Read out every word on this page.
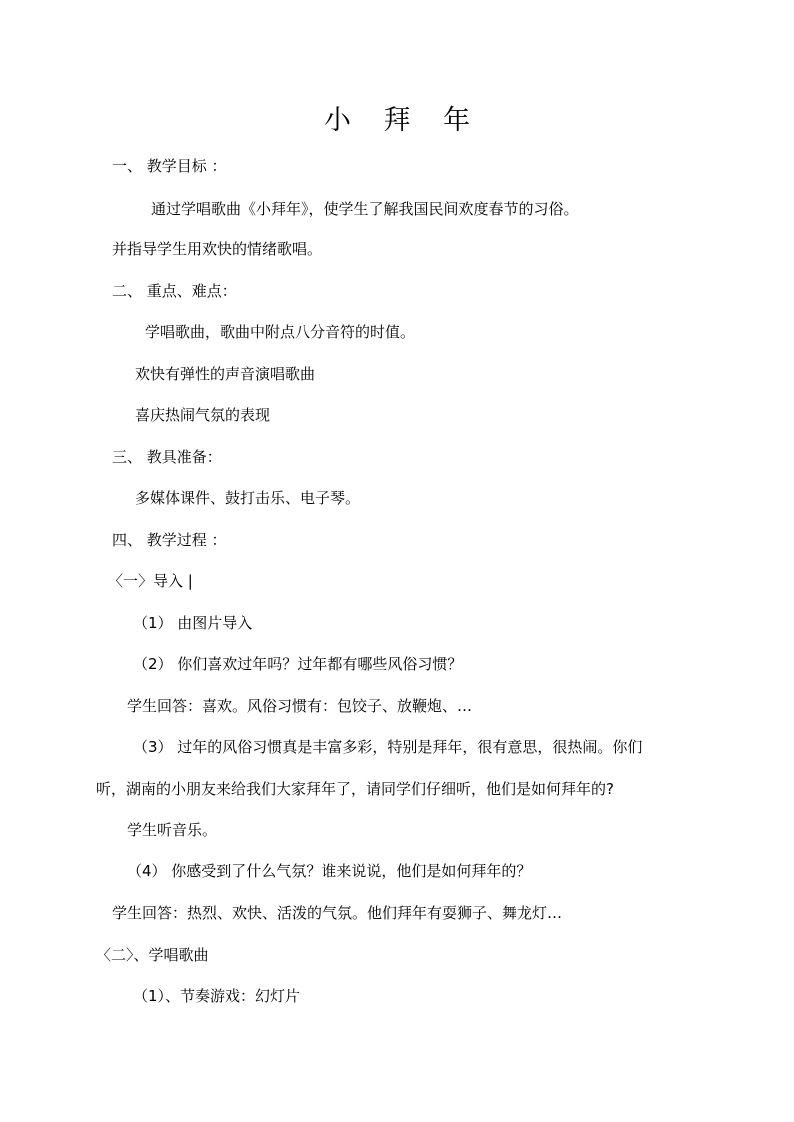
小 拜 年
一、 教学目标 ：
通过学唱歌曲《小拜年》，使学生了解我国民间欢度春节的习俗。
并指导学生用欢快的情绪歌唱。
二、 重点、难点：
学唱歌曲，歌曲中附点八分音符的时值。
欢快有弹性的声音演唱歌曲
喜庆热闹气氛的表现
三、 教具准备：
多媒体课件、鼓打击乐、电子琴。
四、 教学过程 ：
〈一〉导入 |
（1） 由图片导入
（2） 你们喜欢过年吗？过年都有哪些风俗习惯？
学生回答：喜欢。风俗习惯有：包饺子、放鞭炮、…
（3） 过年的风俗习惯真是丰富多彩，特别是拜年，很有意思，很热闹。你们
听，湖南的小朋友来给我们大家拜年了，请同学们仔细听，他们是如何拜年的?
学生听音乐。
（4） 你感受到了什么气氛？谁来说说，他们是如何拜年的？
学生回答：热烈、欢快、活泼的气氛。他们拜年有耍狮子、舞龙灯…
〈二〉、学唱歌曲
（1）、节奏游戏：幻灯片
